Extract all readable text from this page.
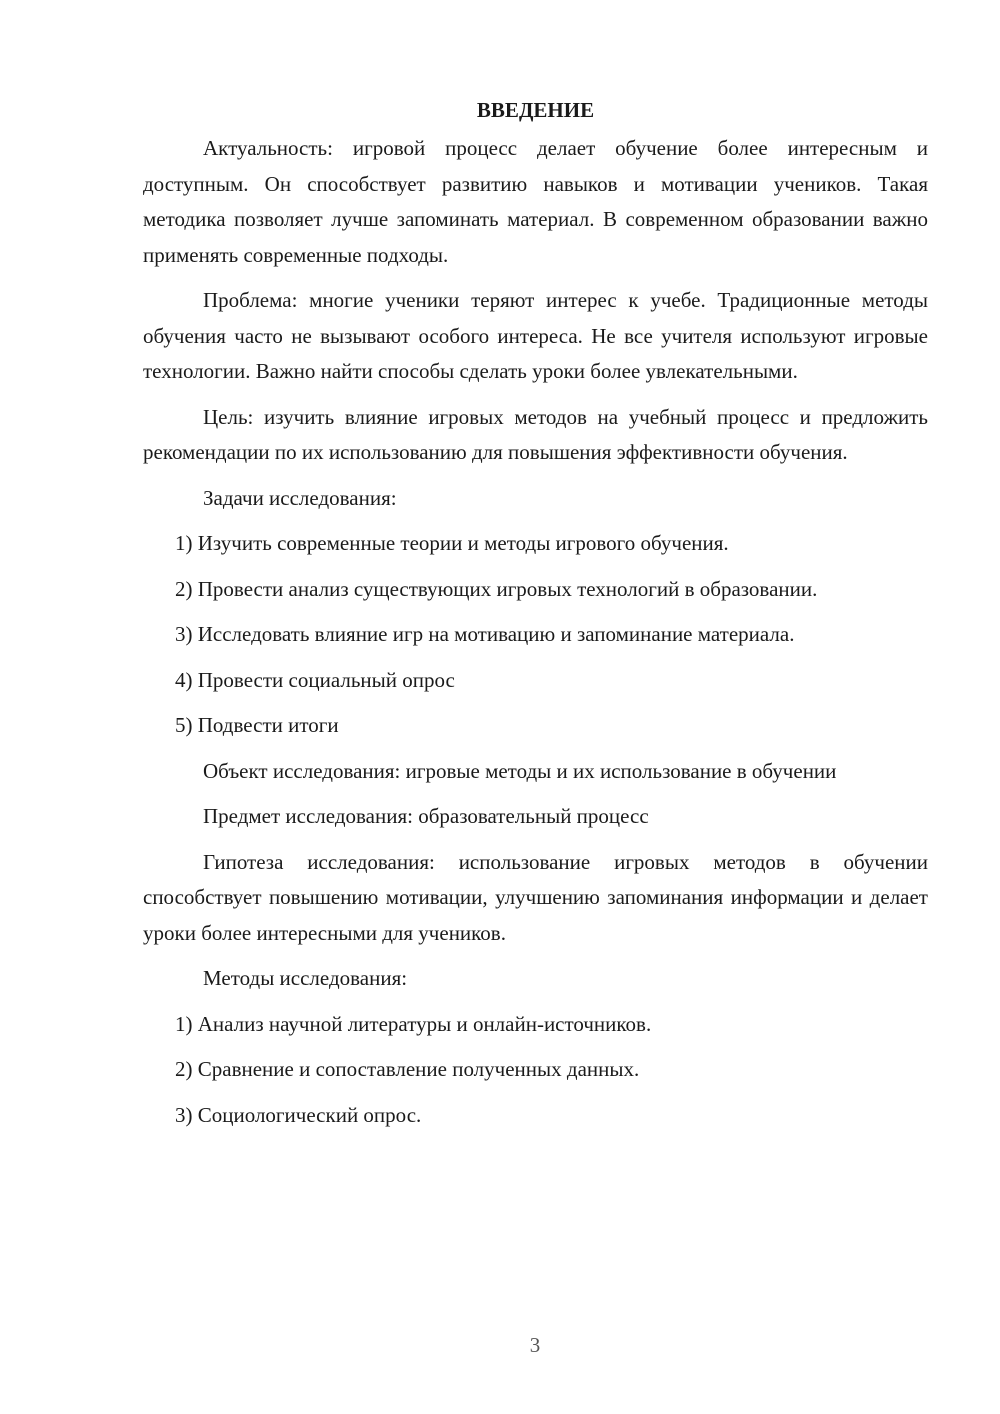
ВВЕДЕНИЕ

Актуальность: игровой процесс делает обучение более интересным и доступным. Он способствует развитию навыков и мотивации учеников. Такая методика позволяет лучше запоминать материал. В современном образовании важно применять современные подходы.

Проблема: многие ученики теряют интерес к учебе. Традиционные методы обучения часто не вызывают особого интереса. Не все учителя используют игровые технологии. Важно найти способы сделать уроки более увлекательными.

Цель: изучить влияние игровых методов на учебный процесс и предложить рекомендации по их использованию для повышения эффективности обучения.

Задачи исследования:

1) Изучить современные теории и методы игрового обучения.

2) Провести анализ существующих игровых технологий в образовании.

3) Исследовать влияние игр на мотивацию и запоминание материала.

4) Провести социальный опрос

5) Подвести итоги

Объект исследования: игровые методы и их использование в обучении

Предмет исследования: образовательный процесс

Гипотеза исследования: использование игровых методов в обучении способствует повышению мотивации, улучшению запоминания информации и делает уроки более интересными для учеников.

Методы исследования:

1) Анализ научной литературы и онлайн-источников.

2) Сравнение и сопоставление полученных данных.

3) Социологический опрос.

3
